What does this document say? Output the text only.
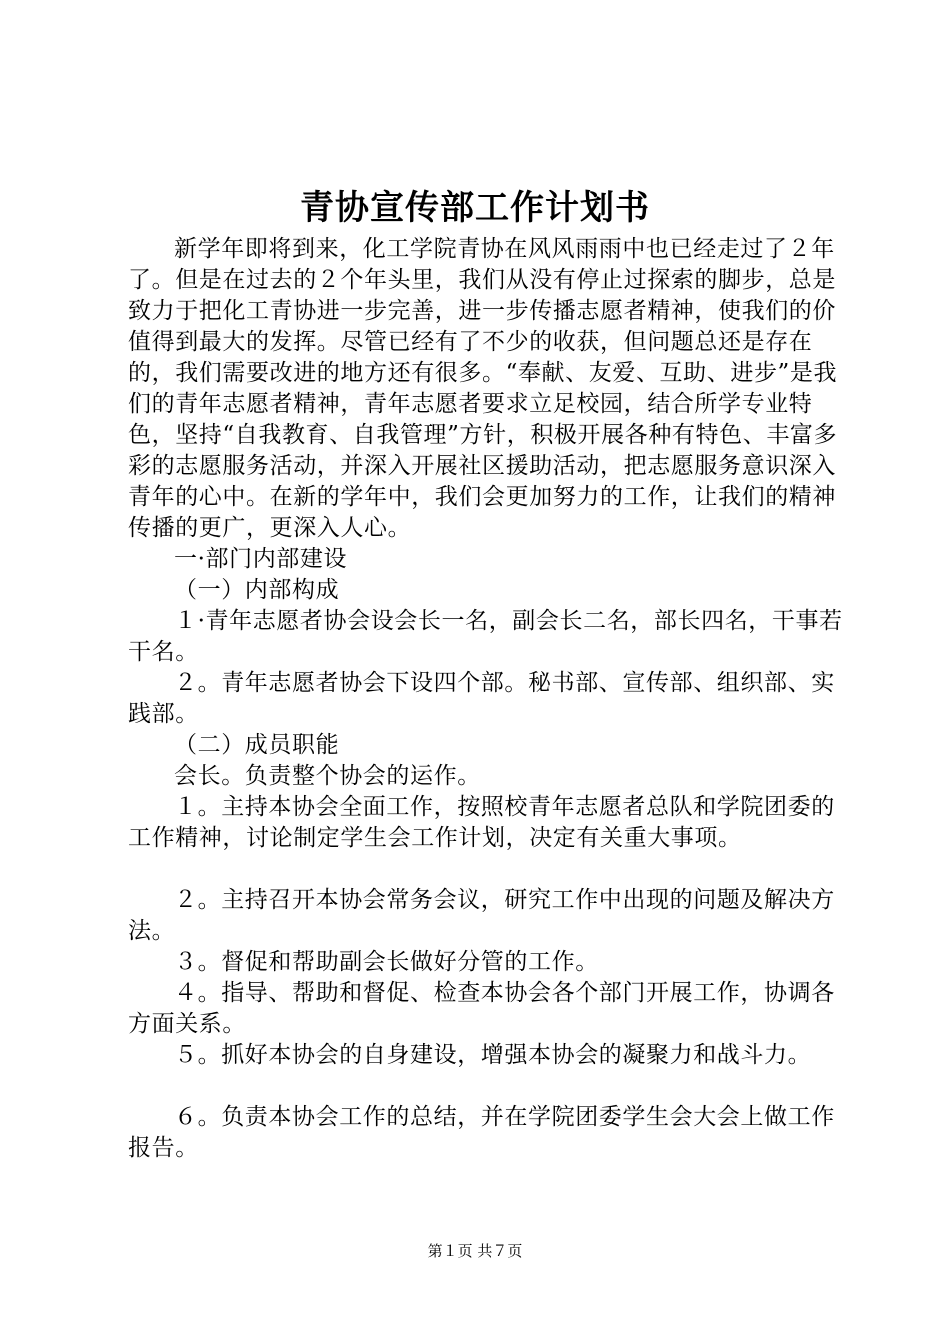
青协宣传部工作计划书

新学年即将到来，化工学院青协在风风雨雨中也已经走过了２年了。但是在过去的２个年头里，我们从没有停止过探索的脚步，总是致力于把化工青协进一步完善，进一步传播志愿者精神，使我们的价值得到最大的发挥。尽管已经有了不少的收获，但问题总还是存在的，我们需要改进的地方还有很多。“奉献、友爱、互助、进步”是我们的青年志愿者精神，青年志愿者要求立足校园，结合所学专业特色，坚持“自我教育、自我管理”方针，积极开展各种有特色、丰富多彩的志愿服务活动，并深入开展社区援助活动，把志愿服务意识深入青年的心中。在新的学年中，我们会更加努力的工作，让我们的精神传播的更广，更深入人心。

一·部门内部建设

（一）内部构成

１·青年志愿者协会设会长一名，副会长二名，部长四名，干事若干名。

２。青年志愿者协会下设四个部。秘书部、宣传部、组织部、实践部。

（二）成员职能

会长。负责整个协会的运作。

１。主持本协会全面工作，按照校青年志愿者总队和学院团委的工作精神，讨论制定学生会工作计划，决定有关重大事项。

２。主持召开本协会常务会议，研究工作中出现的问题及解决方法。

３。督促和帮助副会长做好分管的工作。

４。指导、帮助和督促、检查本协会各个部门开展工作，协调各方面关系。

５。抓好本协会的自身建设，增强本协会的凝聚力和战斗力。

６。负责本协会工作的总结，并在学院团委学生会大会上做工作报告。

第１页 共７页
